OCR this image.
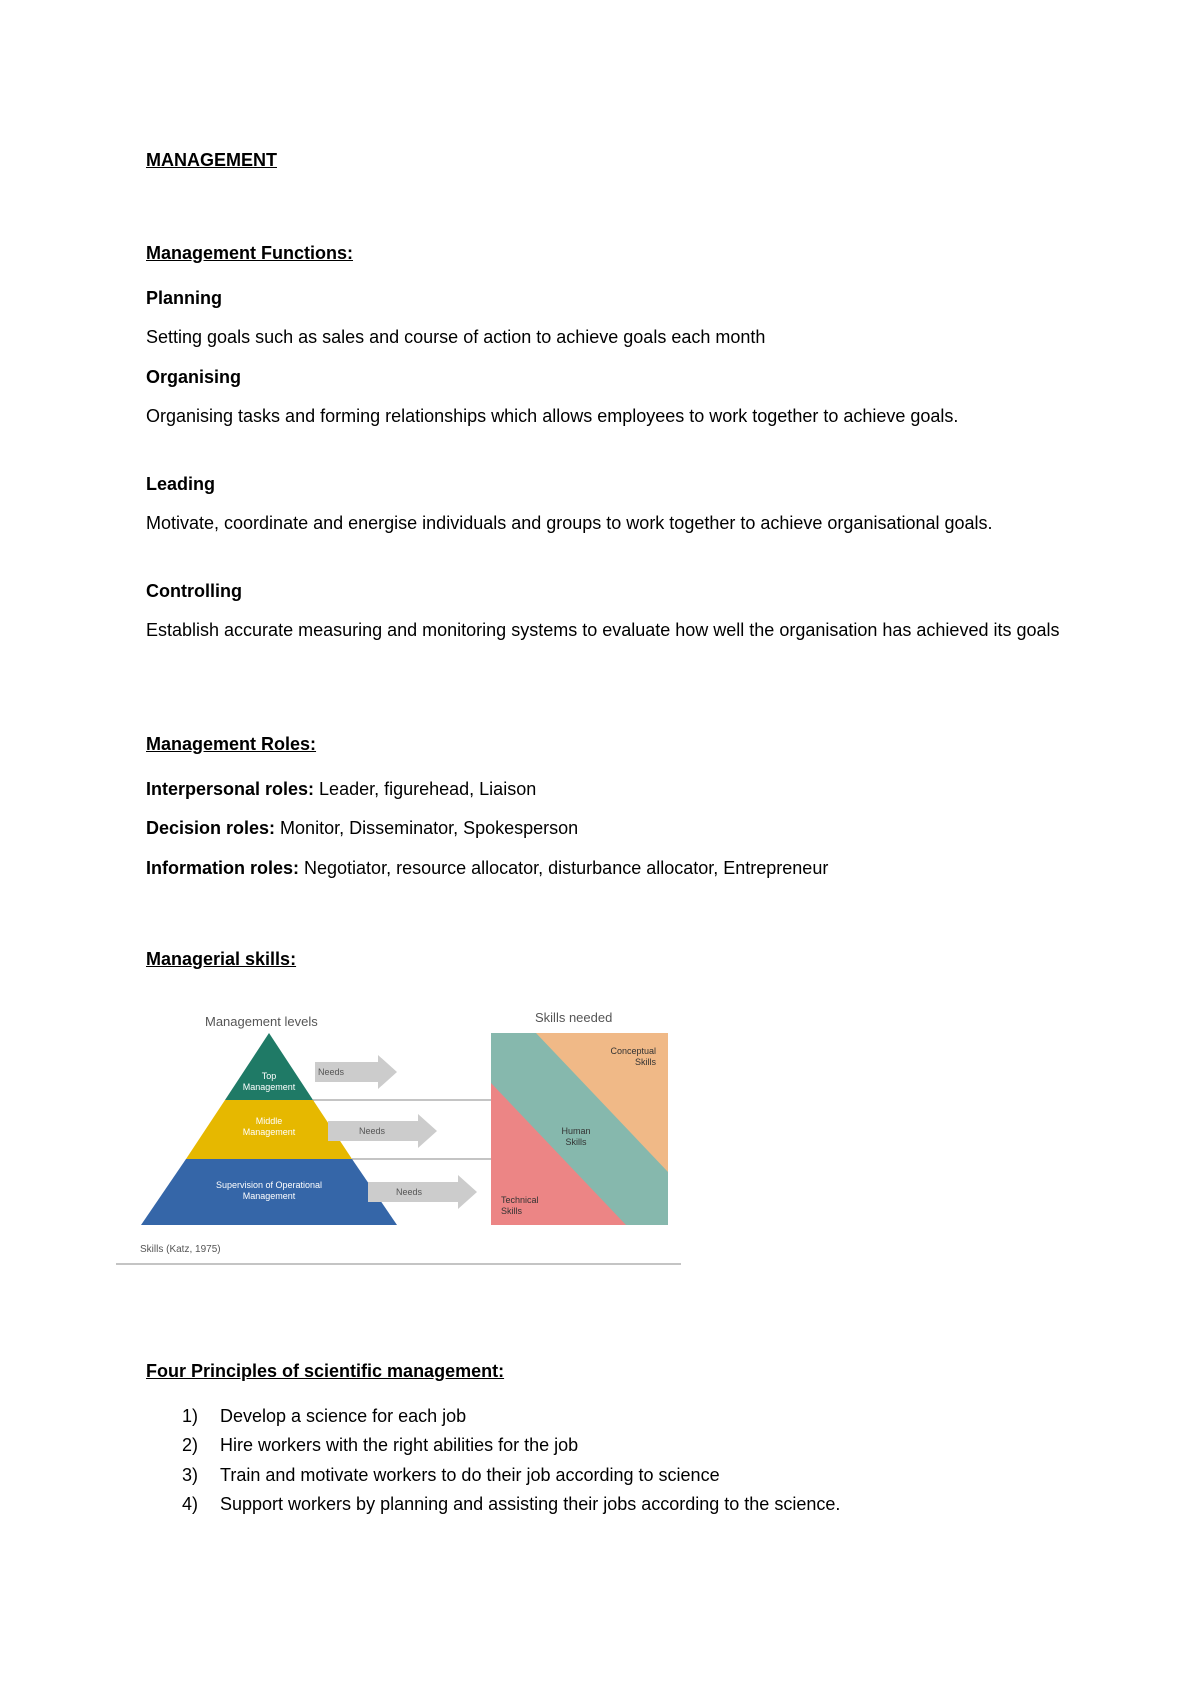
MANAGEMENT

Management Functions:

Planning

Setting goals such as sales and course of action to achieve goals each month

Organising

Organising tasks and forming relationships which allows employees to work together to achieve goals.

Leading

Motivate, coordinate and energise individuals and groups to work together to achieve organisational goals.

Controlling

Establish accurate measuring and monitoring systems to evaluate how well the organisation has achieved its goals

Management Roles:

Interpersonal roles: Leader, figurehead, Liaison

Decision roles: Monitor, Disseminator, Spokesperson

Information roles: Negotiator, resource allocator, disturbance allocator, Entrepreneur

Managerial skills:

Management levels	Skills needed
Top Management
Middle Management
Supervision of Operational Management
Needs
Needs
Needs
Conceptual Skills
Human Skills
Technical Skills
Skills (Katz, 1975)

Four Principles of scientific management:

1) Develop a science for each job

2) Hire workers with the right abilities for the job

3) Train and motivate workers to do their job according to science

4) Support workers by planning and assisting their jobs according to the science.
